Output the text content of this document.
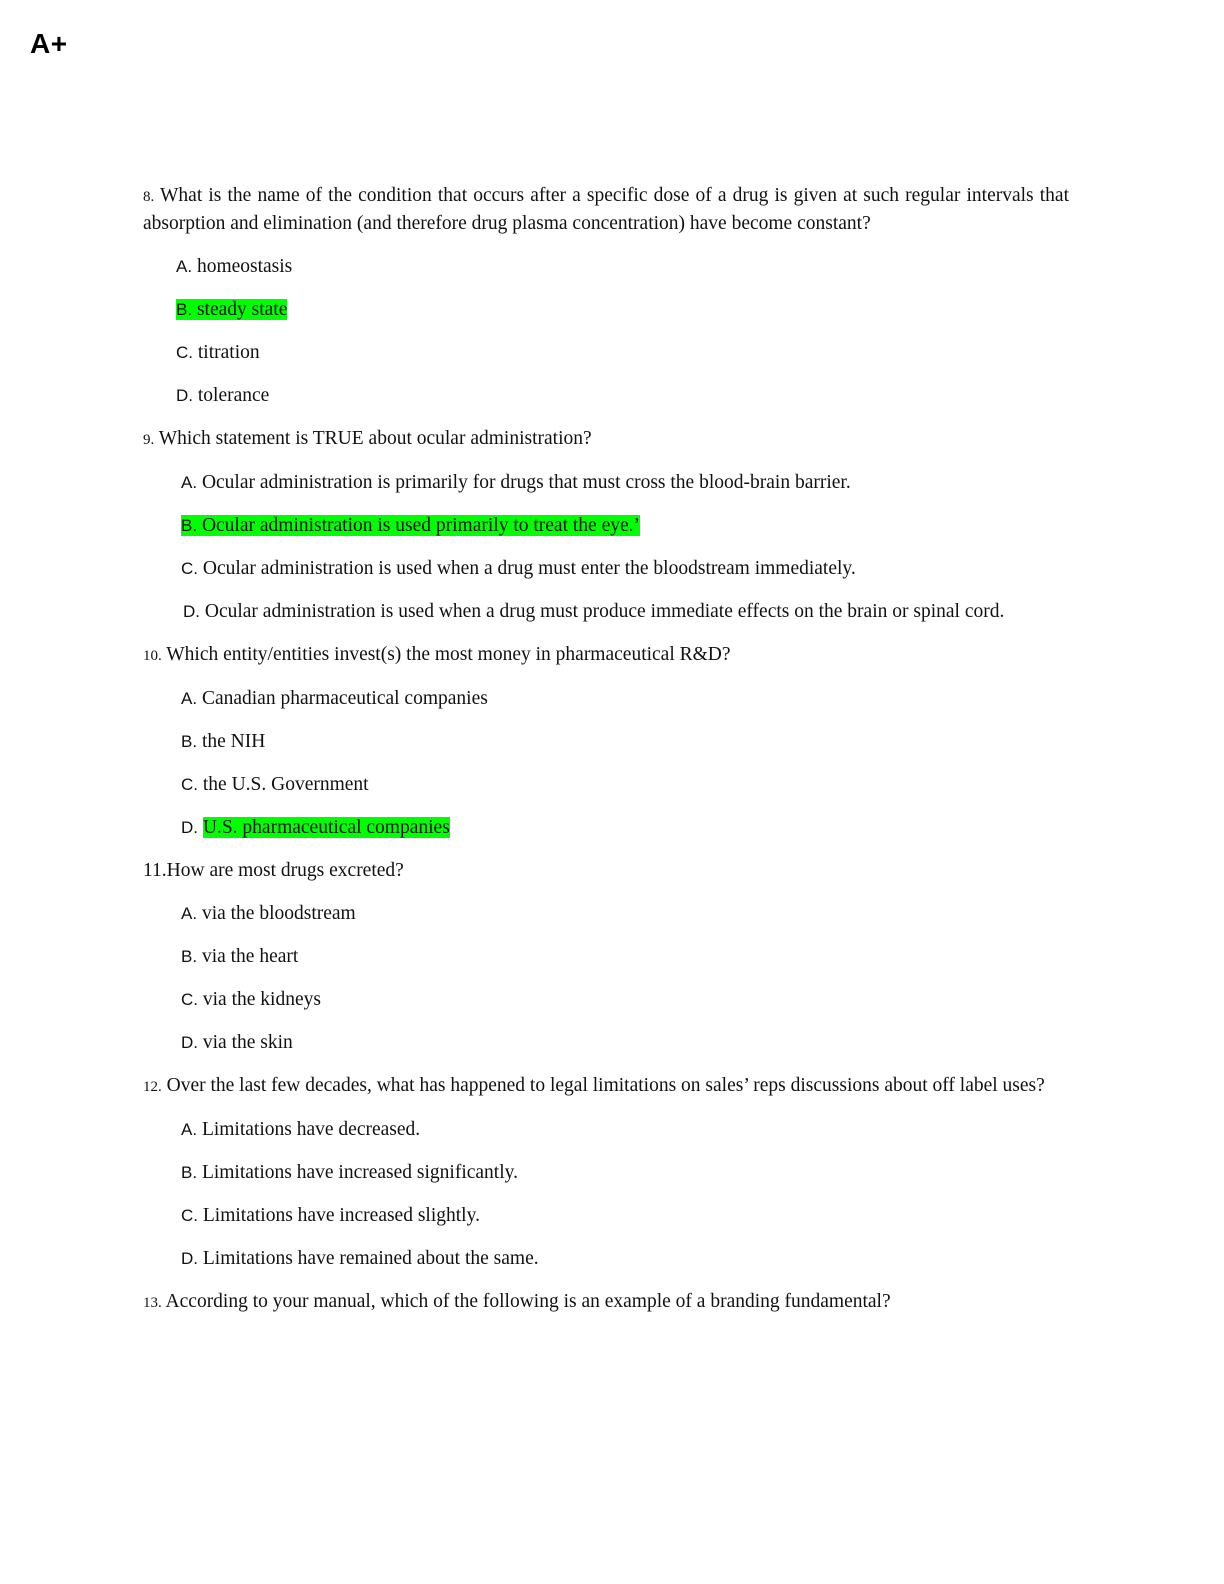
A+

8. What is the name of the condition that occurs after a specific dose of a drug is given at such regular intervals that absorption and elimination (and therefore drug plasma concentration) have become constant?

A. homeostasis

B. steady state

C. titration

D. tolerance

9. Which statement is TRUE about ocular administration?

A. Ocular administration is primarily for drugs that must cross the blood-brain barrier.

B. Ocular administration is used primarily to treat the eye.’

C. Ocular administration is used when a drug must enter the bloodstream immediately.

D. Ocular administration is used when a drug must produce immediate effects on the brain or spinal cord.

10. Which entity/entities invest(s) the most money in pharmaceutical R&D?

A. Canadian pharmaceutical companies

B. the NIH

C. the U.S. Government

D. U.S. pharmaceutical companies

11.How are most drugs excreted?

A. via the bloodstream

B. via the heart

C. via the kidneys

D. via the skin

12. Over the last few decades, what has happened to legal limitations on sales’ reps discussions about off label uses?

A. Limitations have decreased.

B. Limitations have increased significantly.

C. Limitations have increased slightly.

D. Limitations have remained about the same.

13. According to your manual, which of the following is an example of a branding fundamental?
